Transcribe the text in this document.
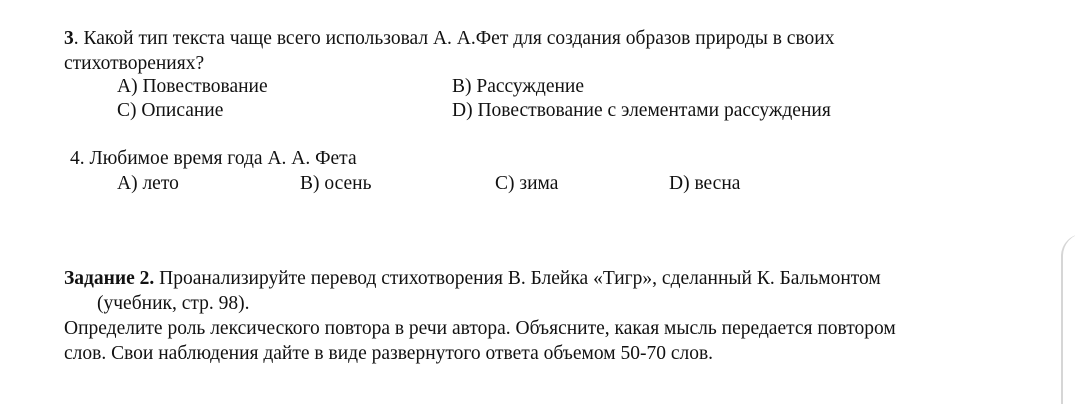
3. Какой тип текста чаще всего использовал А. А.Фет для создания образов природы в своих
стихотворениях?
А) Повествование	В) Рассуждение
С) Описание	D) Повествование с элементами рассуждения
4. Любимое время года А. А. Фета
А) лето	В) осень	С) зима	D) весна
Задание 2. Проанализируйте перевод стихотворения В. Блейка «Тигр», сделанный К. Бальмонтом
(учебник, стр. 98).
Определите роль лексического повтора в речи автора. Объясните, какая мысль передается повтором
слов. Свои наблюдения дайте в виде развернутого ответа объемом 50-70 слов.
